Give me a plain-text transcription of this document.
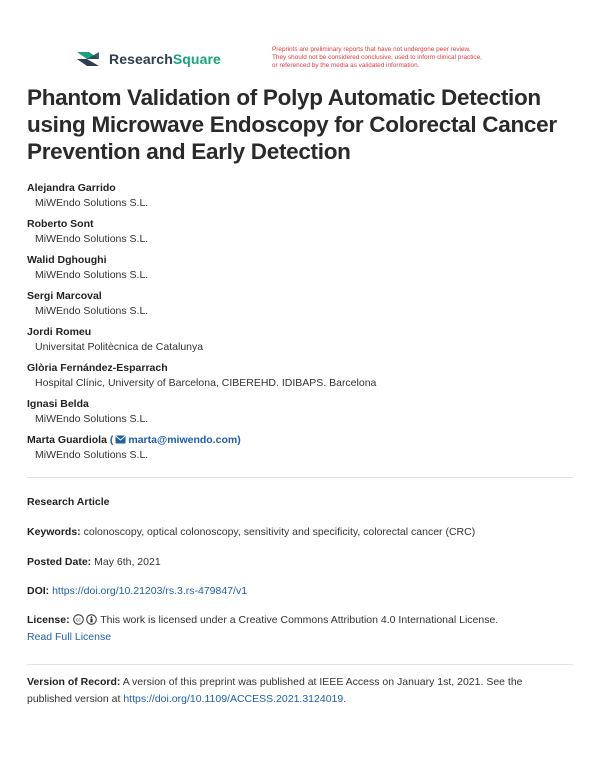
ResearchSquare
Preprints are preliminary reports that have not undergone peer review.
They should not be considered conclusive, used to inform clinical practice,
or referenced by the media as validated information.
Phantom Validation of Polyp Automatic Detection
using Microwave Endoscopy for Colorectal Cancer
Prevention and Early Detection
Alejandra Garrido
MiWEndo Solutions S.L.
Roberto Sont
MiWEndo Solutions S.L.
Walid Dghoughi
MiWEndo Solutions S.L.
Sergi Marcoval
MiWEndo Solutions S.L.
Jordi Romeu
Universitat Politècnica de Catalunya
Glòria Fernández-Esparrach
Hospital Clínic, University of Barcelona, CIBEREHD. IDIBAPS. Barcelona
Ignasi Belda
MiWEndo Solutions S.L.
Marta Guardiola ( marta@miwendo.com)
MiWEndo Solutions S.L.
Research Article
Keywords: colonoscopy, optical colonoscopy, sensitivity and specificity, colorectal cancer (CRC)
Posted Date: May 6th, 2021
DOI: https://doi.org/10.21203/rs.3.rs-479847/v1
License: cc This work is licensed under a Creative Commons Attribution 4.0 International License.
Read Full License
Version of Record: A version of this preprint was published at IEEE Access on January 1st, 2021. See the
published version at https://doi.org/10.1109/ACCESS.2021.3124019.
